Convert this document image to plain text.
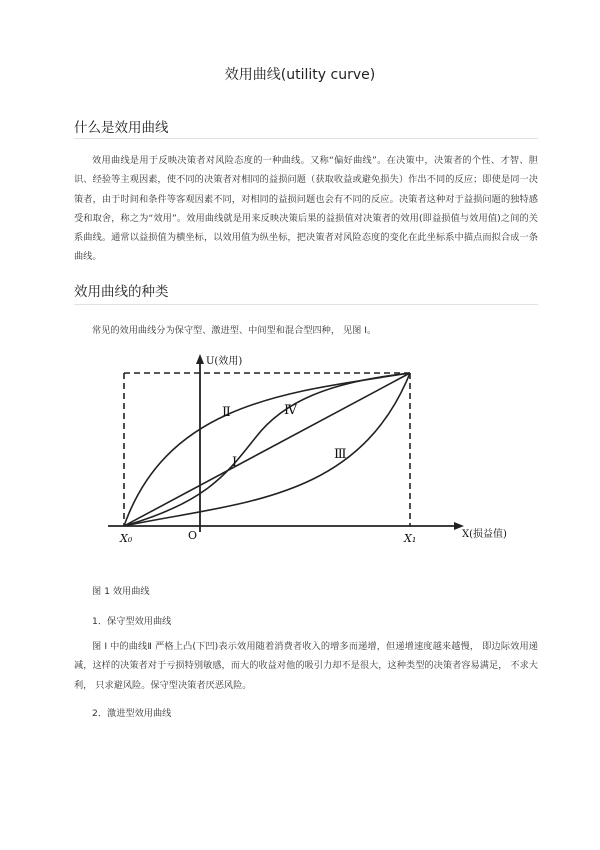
效用曲线(utility curve)
什么是效用曲线

效用曲线是用于反映决策者对风险态度的一种曲线。又称“偏好曲线”。在决策中，决策者的个性、才智、胆识、经验等主观因素，使不同的决策者对相同的益损问题（获取收益或避免损失）作出不同的反应；即使是同一决策者，由于时间和条件等客观因素不同，对相同的益损问题也会有不同的反应。决策者这种对于益损问题的独特感受和取舍，称之为“效用”。效用曲线就是用来反映决策后果的益损值对决策者的效用(即益损值与效用值)之间的关系曲线。通常以益损值为横坐标，以效用值为纵坐标，把决策者对风险态度的变化在此坐标系中描点而拟合成一条曲线。

效用曲线的种类
常见的效用曲线分为保守型、激进型、中间型和混合型四种， 见图 I。
U(效用)
X(损益值)
O
X₀	X₁
Ⅱ	Ⅳ
Ⅰ
Ⅲ
图 1 效用曲线
1．保守型效用曲线

图 I 中的曲线Ⅱ 严格上凸(下凹)表示效用随着消费者收入的增多而递增，但递增速度越来越慢， 即边际效用递减，这样的决策者对于亏损特别敏感，而大的收益对他的吸引力却不是很大，这种类型的决策者容易满足， 不求大利， 只求避风险。保守型决策者厌恶风险。

2．激进型效用曲线
